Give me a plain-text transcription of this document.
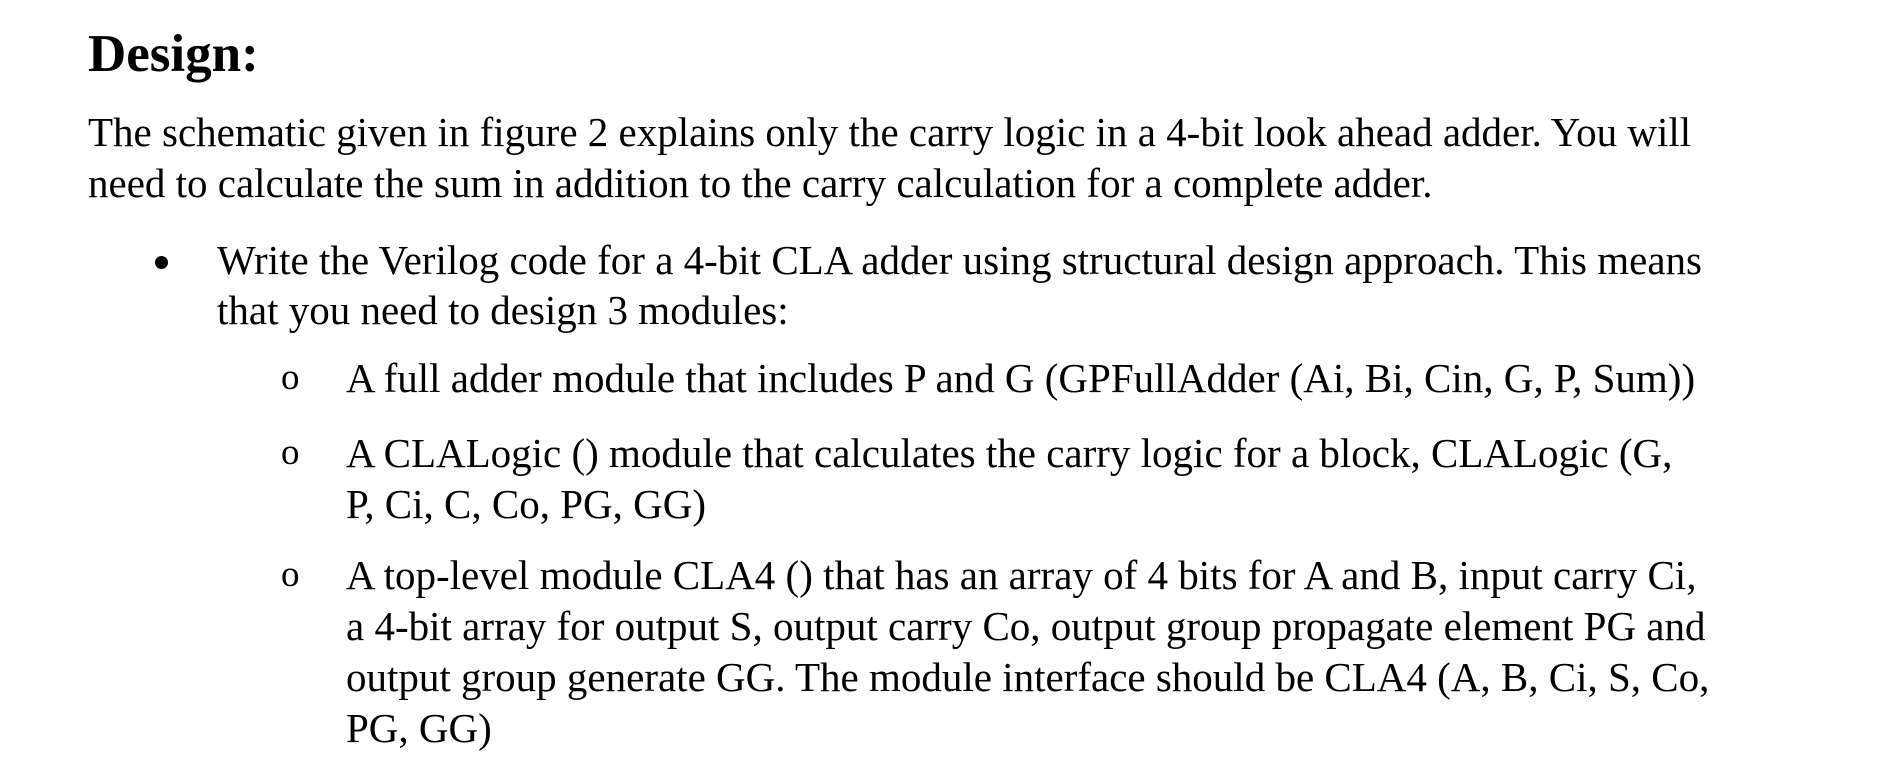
Design:

The schematic given in figure 2 explains only the carry logic in a 4-bit look ahead adder. You will
need to calculate the sum in addition to the carry calculation for a complete adder.

Write the Verilog code for a 4-bit CLA adder using structural design approach. This means
that you need to design 3 modules:
o A full adder module that includes P and G (GPFullAdder (Ai, Bi, Cin, G, P, Sum))
o A CLALogic () module that calculates the carry logic for a block, CLALogic (G,
P, Ci, C, Co, PG, GG)
o A top-level module CLA4 () that has an array of 4 bits for A and B, input carry Ci,
a 4-bit array for output S, output carry Co, output group propagate element PG and
output group generate GG. The module interface should be CLA4 (A, B, Ci, S, Co,
PG, GG)
